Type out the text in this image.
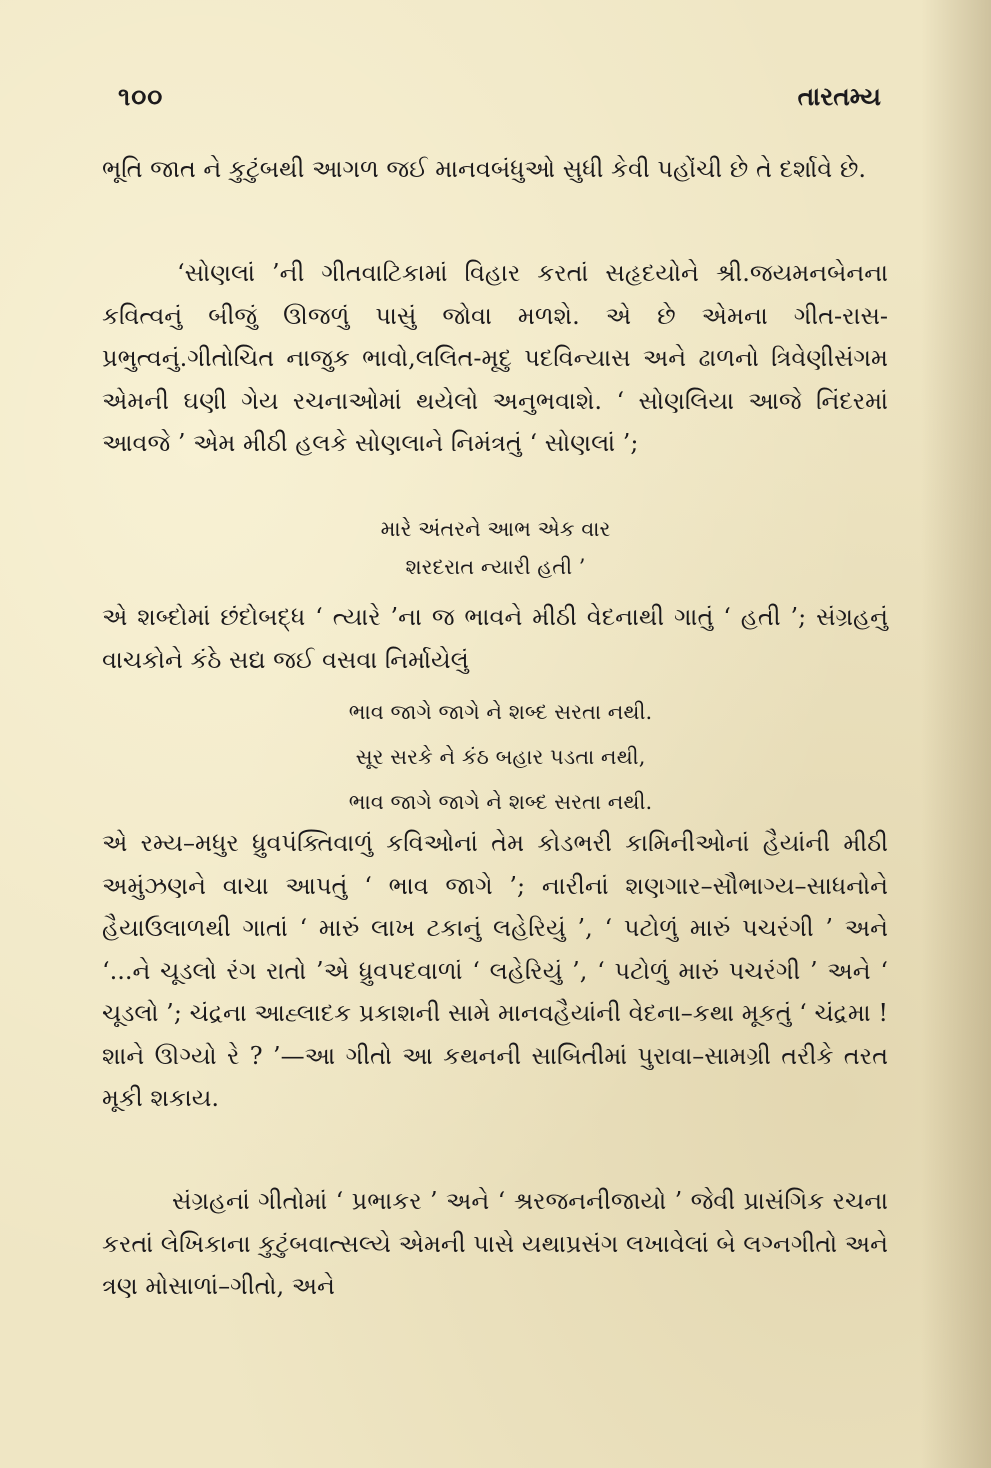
૧૦૦	તારતમ્ય
ભૂતિ જાત ને કુટુંબથી આગળ જઈ માનવબંધુઓ સુધી કેવી પહોંચી છે તે દર્શાવે છે.
‘સોણલાં ’ની ગીતવાટિકામાં વિહાર કરતાં સહૃદયોને શ્રી.જયમનબેનના કવિત્વનું બીજું ઊજળું પાસું જોવા મળશે. એ છે એમના ગીત-રાસ-પ્રભુત્વનું.ગીતોચિત નાજુક ભાવો,લલિત-મૃદુ પદવિન્યાસ અને ઢાળનો ત્રિવેણીસંગમ એમની ઘણી ગેય રચનાઓમાં થયેલો અનુભવાશે. ‘ સોણલિયા આજે નિંદરમાં આવજે ’ એમ મીઠી હલકે સોણલાને નિમંત્રતું ‘ સોણલાં ’;
મારે અંતરને આભ એક વાર
શરદરાત ન્યારી હતી ’
એ શબ્દોમાં છંદોબદ્ધ ‘ ત્યારે ’ના જ ભાવને મીઠી વેદનાથી ગાતું ‘ હતી ’; સંગ્રહનું વાચકોને કંઠે સદ્ય જઈ વસવા નિર્માયેલું
ભાવ જાગે જાગે ને શબ્દ સરતા નથી.
સૂર સરકે ને કંઠ બહાર પડતા નથી,
ભાવ જાગે જાગે ને શબ્દ સરતા નથી.
એ રમ્ય–મધુર ધ્રુવપંક્તિવાળું કવિઓનાં તેમ કોડભરી કામિનીઓનાં હૈયાંની મીઠી અમુંઝણને વાચા આપતું ‘ ભાવ જાગે ’; નારીનાં શણગાર–સૌભાગ્ય–સાધનોને હૈયાઉલાળથી ગાતાં ‘ મારું લાખ ટકાનું લહેરિયું ’, ‘ પટોળું મારું પચરંગી ’ અને ‘...ને ચૂડલો રંગ રાતો ’એ ધ્રુવપદવાળાં ‘ લહેરિયું ’, ‘ પટોળું મારું પચરંગી ’ અને ‘ ચૂડલો ’; ચંદ્રના આહ્લાદક પ્રકાશની સામે માનવહૈયાંની વેદના–કથા મૂકતું ‘ ચંદ્રમા ! શાને ઊગ્યો રે ? ’—આ ગીતો આ કથનની સાબિતીમાં પુરાવા–સામગ્રી તરીકે તરત મૂકી શકાય.
સંગ્રહનાં ગીતોમાં ‘ પ્રભાકર ’ અને ‘ શ્રરજનનીજાયો ’ જેવી પ્રાસંગિક રચના કરતાં લેખિકાના કુટુંબવાત્સલ્યે એમની પાસે યથાપ્રસંગ લખાવેલાં બે લગ્નગીતો અને ત્રણ મોસાળાં–ગીતો, અને
